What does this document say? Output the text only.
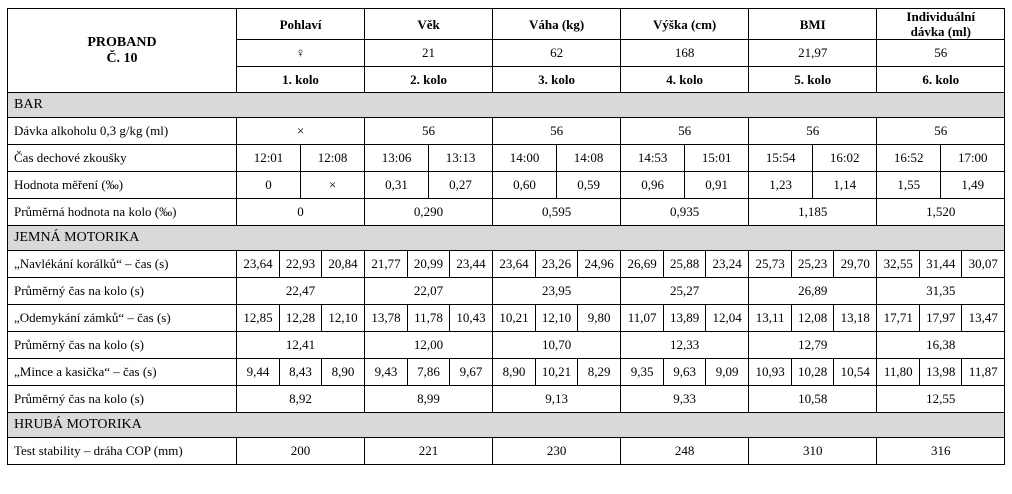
PROBAND
Č. 10	Pohlaví				Věk				Váha (kg)				Výška (cm)				BMI				Individuální
dávka (ml)			
	♀				21				62				168				21,97				56			
	1. kolo				2. kolo				3. kolo				4. kolo				5. kolo				6. kolo			
BAR																								
Dávka alkoholu 0,3 g/kg (ml)	×				56				56				56				56				56			
Čas dechové zkoušky	12:01		12:08		13:06		13:13		14:00		14:08		14:53		15:01		15:54		16:02		16:52		17:00	
Hodnota měření (‰)	0		×		0,31		0,27		0,60		0,59		0,96		0,91		1,23		1,14		1,55		1,49	
Průměrná hodnota na kolo (‰)	0				0,290				0,595				0,935				1,185				1,520			
JEMNÁ MOTORIKA																								
„Navlékání korálků“ – čas (s)	23,64	22,93		20,84	21,77	20,99		23,44	23,64	23,26		24,96	26,69	25,88		23,24	25,73	25,23		29,70	32,55	31,44		30,07
Průměrný čas na kolo (s)	22,47				22,07				23,95				25,27				26,89				31,35			
„Odemykání zámků“ – čas (s)	12,85	12,28		12,10	13,78	11,78		10,43	10,21	12,10		9,80	11,07	13,89		12,04	13,11	12,08		13,18	17,71	17,97		13,47
Průměrný čas na kolo (s)	12,41				12,00				10,70				12,33				12,79				16,38			
„Mince a kasička“ – čas (s)	9,44	8,43		8,90	9,43	7,86		9,67	8,90	10,21		8,29	9,35	9,63		9,09	10,93	10,28		10,54	11,80	13,98		11,87
Průměrný čas na kolo (s)	8,92				8,99				9,13				9,33				10,58				12,55			
HRUBÁ MOTORIKA																								
Test stability – dráha COP (mm)	200				221				230				248				310				316			
